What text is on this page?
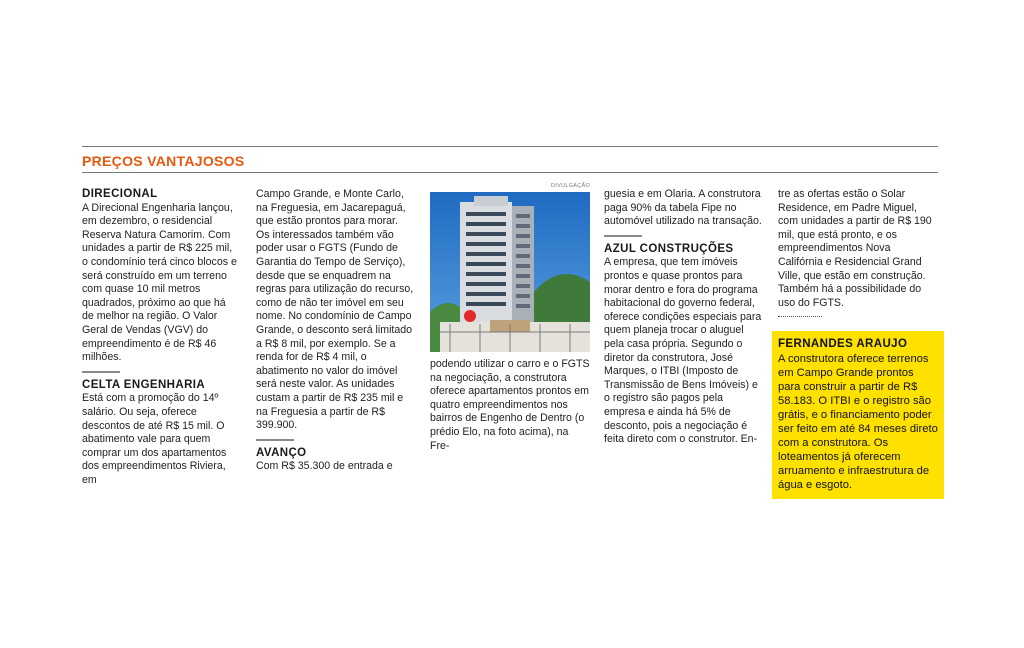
PREÇOS VANTAJOSOS

DIRECIONAL

A Direcional Engenharia lançou, em dezembro, o residencial Reserva Natura Camorim. Com unidades a partir de R$ 225 mil, o condomínio terá cinco blocos e será construído em um terreno com quase 10 mil metros quadrados, próximo ao que há de melhor na região. O Valor Geral de Vendas (VGV) do empreendimento é de R$ 46 milhões.

CELTA ENGENHARIA

Está com a promoção do 14º salário. Ou seja, oferece descontos de até R$ 15 mil. O abatimento vale para quem comprar um dos apartamentos dos empreendimentos Riviera, em

Campo Grande, e Monte Carlo, na Freguesia, em Jacarepaguá, que estão prontos para morar. Os interessados também vão poder usar o FGTS (Fundo de Garantia do Tempo de Serviço), desde que se enquadrem na regras para utilização do recurso, como de não ter imóvel em seu nome. No condomínio de Campo Grande, o desconto será limitado a R$ 8 mil, por exemplo. Se a renda for de R$ 4 mil, o abatimento no valor do imóvel será neste valor. As unidades custam a partir de R$ 235 mil e na Freguesia a partir de R$ 399.900.

AVANÇO

Com R$ 35.300 de entrada e

DIVULGAÇÃO

podendo utilizar o carro e o FGTS na negociação, a construtora oferece apartamentos prontos em quatro empreendimentos nos bairros de Engenho de Dentro (o prédio Elo, na foto acima), na Fre-

guesia e em Olaria. A construtora paga 90% da tabela Fipe no automóvel utilizado na transação.

AZUL CONSTRUÇÕES

A empresa, que tem imóveis prontos e quase prontos para morar dentro e fora do programa habitacional do governo federal, oferece condições especiais para quem planeja trocar o aluguel pela casa própria. Segundo o diretor da construtora, José Marques, o ITBI (Imposto de Transmissão de Bens Imóveis) e o registro são pagos pela empresa e ainda há 5% de desconto, pois a negociação é feita direto com o construtor. En-

tre as ofertas estão o Solar Residence, em Padre Miguel, com unidades a partir de R$ 190 mil, que está pronto, e os empreendimentos Nova Califórnia e Residencial Grand Ville, que estão em construção. Também há a possibilidade do uso do FGTS.

FERNANDES ARAUJO

A construtora oferece terrenos em Campo Grande prontos para construir a partir de R$ 58.183. O ITBI e o registro são grátis, e o financiamento poder ser feito em até 84 meses direto com a construtora. Os loteamentos já oferecem arruamento e infraestrutura de água e esgoto.
